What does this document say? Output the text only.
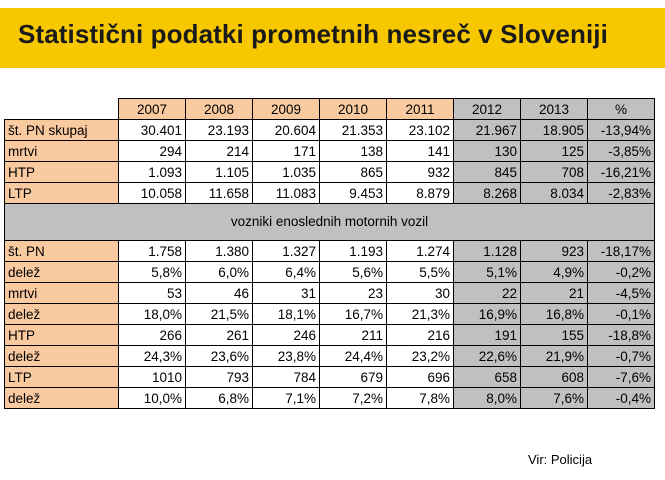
Statistični podatki prometnih nesreč v Sloveniji
	2007	2008	2009	2010	2011	2012	2013	%
št. PN skupaj	30.401	23.193	20.604	21.353	23.102	21.967	18.905	-13,94%
mrtvi	294	214	171	138	141	130	125	-3,85%
HTP	1.093	1.105	1.035	865	932	845	708	-16,21%
LTP	10.058	11.658	11.083	9.453	8.879	8.268	8.034	-2,83%
vozniki enoslednih motornih vozil								
št. PN	1.758	1.380	1.327	1.193	1.274	1.128	923	-18,17%
delež	5,8%	6,0%	6,4%	5,6%	5,5%	5,1%	4,9%	-0,2%
mrtvi	53	46	31	23	30	22	21	-4,5%
delež	18,0%	21,5%	18,1%	16,7%	21,3%	16,9%	16,8%	-0,1%
HTP	266	261	246	211	216	191	155	-18,8%
delež	24,3%	23,6%	23,8%	24,4%	23,2%	22,6%	21,9%	-0,7%
LTP	1010	793	784	679	696	658	608	-7,6%
delež	10,0%	6,8%	7,1%	7,2%	7,8%	8,0%	7,6%	-0,4%
Vir: Policija
